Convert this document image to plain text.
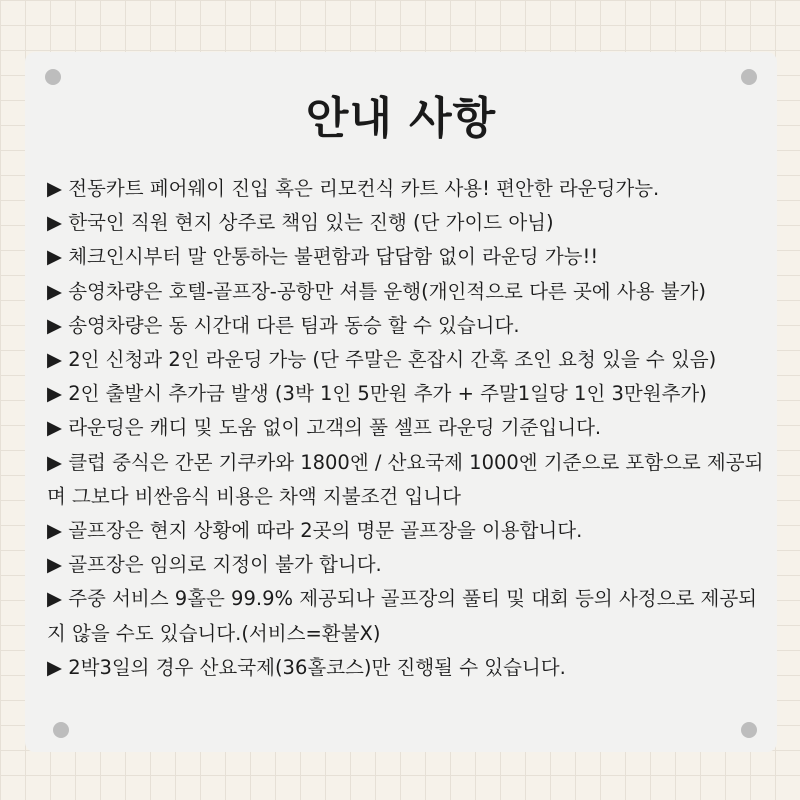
안내 사항
▶ 전동카트 페어웨이 진입 혹은 리모컨식 카트 사용! 편안한 라운딩가능.
▶ 한국인 직원 현지 상주로 책임 있는 진행 (단 가이드 아님)
▶ 체크인시부터 말 안통하는 불편함과 답답함 없이 라운딩 가능!!
▶ 송영차량은 호텔-골프장-공항만 셔틀 운행(개인적으로 다른 곳에 사용 불가)
▶ 송영차량은 동 시간대 다른 팀과 동승 할 수 있습니다.
▶ 2인 신청과 2인 라운딩 가능 (단 주말은 혼잡시 간혹 조인 요청 있을 수 있음)
▶ 2인 출발시 추가금 발생 (3박 1인 5만원 추가 + 주말1일당 1인 3만원추가)
▶ 라운딩은 캐디 및 도움 없이 고객의 풀 셀프 라운딩 기준입니다.
▶ 클럽 중식은 간몬 기쿠카와 1800엔 / 산요국제 1000엔 기준으로 포함으로 제공되며 그보다 비싼음식 비용은 차액 지불조건 입니다
▶ 골프장은 현지 상황에 따라 2곳의 명문 골프장을 이용합니다.
▶ 골프장은 임의로 지정이 불가 합니다.
▶ 주중 서비스 9홀은 99.9% 제공되나 골프장의 풀티 및 대회 등의 사정으로 제공되지 않을 수도 있습니다.(서비스=환불X)
▶ 2박3일의 경우 산요국제(36홀코스)만 진행될 수 있습니다.
